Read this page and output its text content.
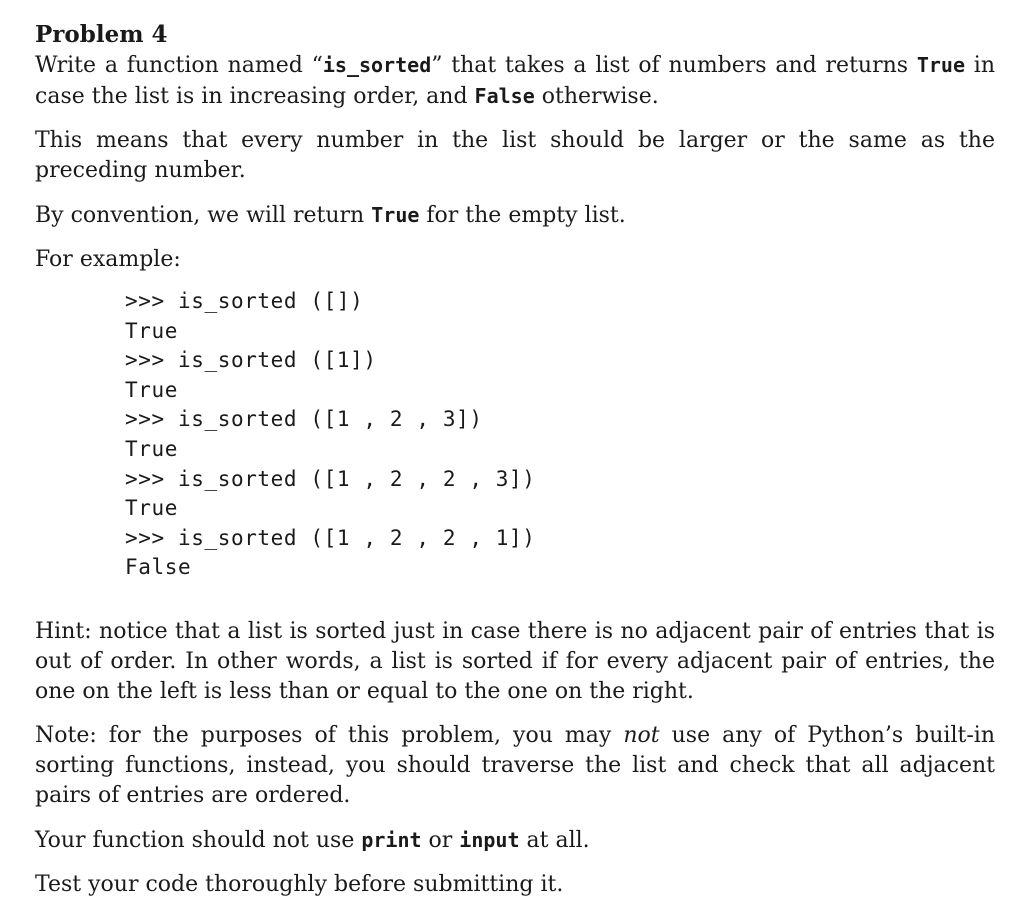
Problem 4

Write a function named “is_sorted” that takes a list of numbers and returns True in case the list is in increasing order, and False otherwise.

This means that every number in the list should be larger or the same as the preceding number.

By convention, we will return True for the empty list.

For example:

>>> is_sorted ([])
True
>>> is_sorted ([1])
True
>>> is_sorted ([1 , 2 , 3])
True
>>> is_sorted ([1 , 2 , 2 , 3])
True
>>> is_sorted ([1 , 2 , 2 , 1])
False

Hint: notice that a list is sorted just in case there is no adjacent pair of entries that is out of order. In other words, a list is sorted if for every adjacent pair of entries, the one on the left is less than or equal to the one on the right.

Note: for the purposes of this problem, you may not use any of Python’s built-in sorting functions, instead, you should traverse the list and check that all adjacent pairs of entries are ordered.

Your function should not use print or input at all.

Test your code thoroughly before submitting it.
